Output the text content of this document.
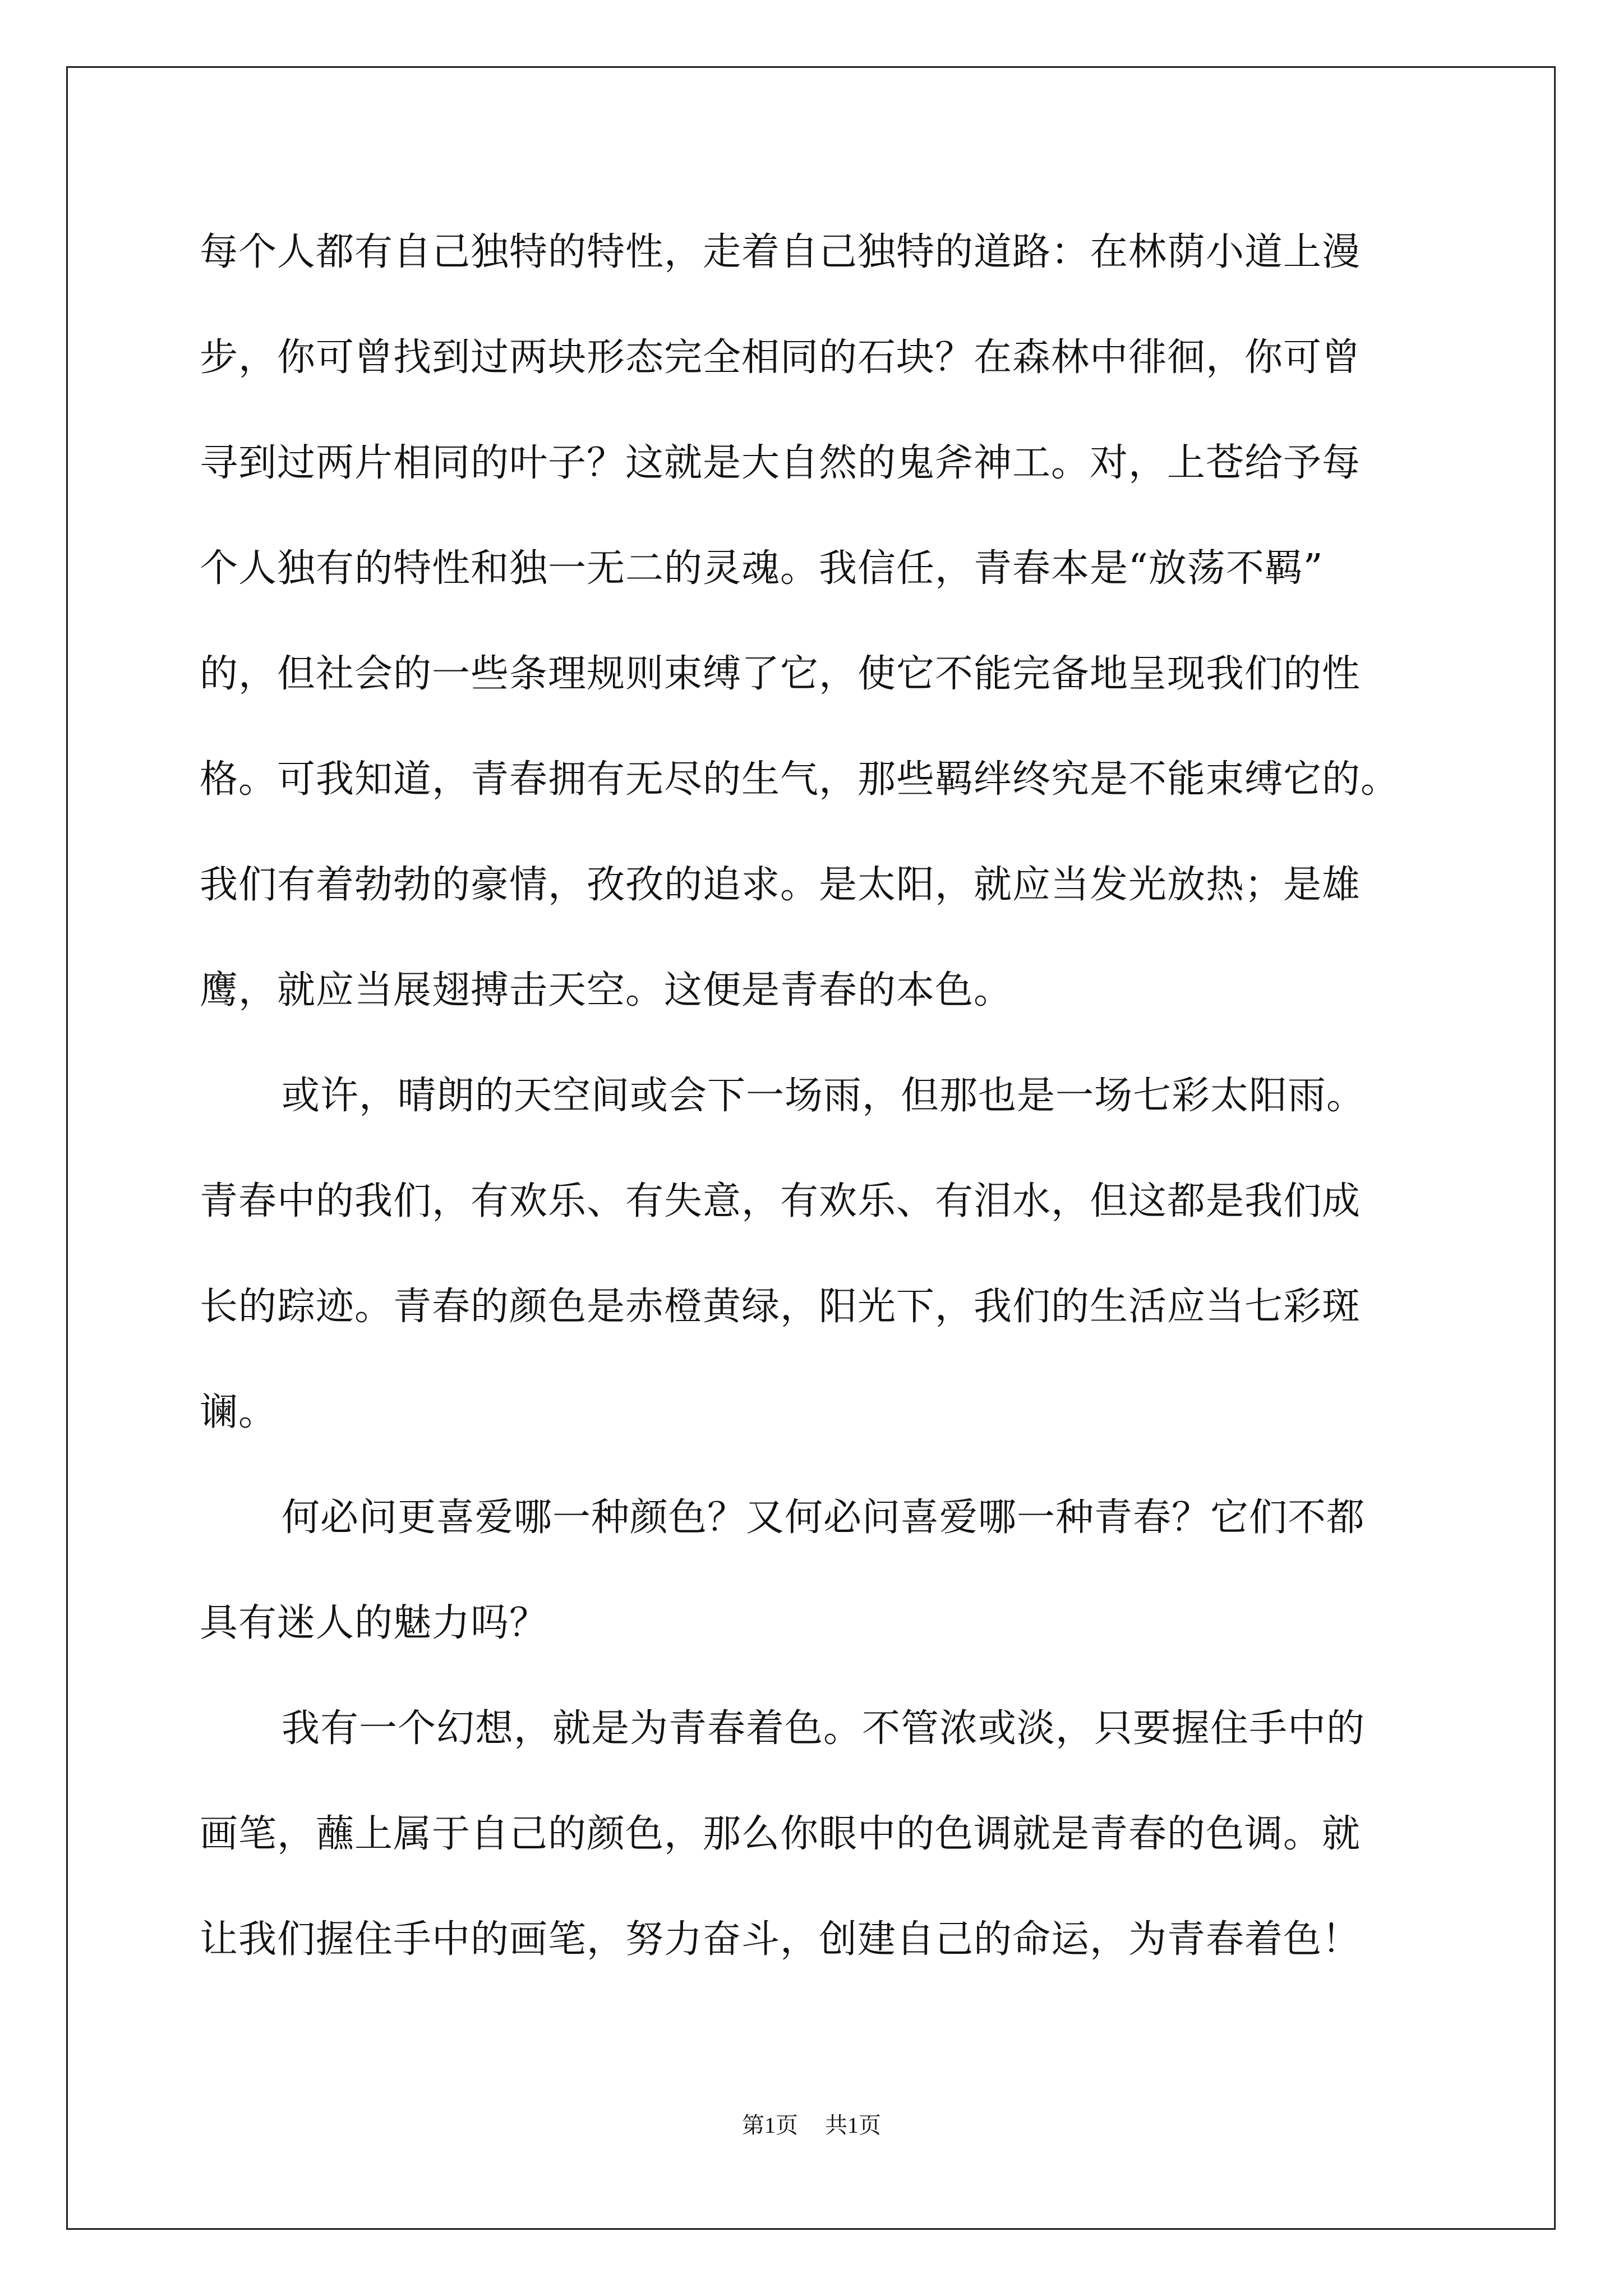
每个人都有自己独特的特性，走着自己独特的道路：在林荫小道上漫

步，你可曾找到过两块形态完全相同的石块？在森林中徘徊，你可曾

寻到过两片相同的叶子？这就是大自然的鬼斧神工。对，上苍给予每

个人独有的特性和独一无二的灵魂。我信任，青春本是“放荡不羁”

的，但社会的一些条理规则束缚了它，使它不能完备地呈现我们的性

格。可我知道，青春拥有无尽的生气，那些羁绊终究是不能束缚它的。

我们有着勃勃的豪情，孜孜的追求。是太阳，就应当发光放热；是雄

鹰，就应当展翅搏击天空。这便是青春的本色。

或许，晴朗的天空间或会下一场雨，但那也是一场七彩太阳雨。

青春中的我们，有欢乐、有失意，有欢乐、有泪水，但这都是我们成

长的踪迹。青春的颜色是赤橙黄绿，阳光下，我们的生活应当七彩斑

谰。

何必问更喜爱哪一种颜色？又何必问喜爱哪一种青春？它们不都

具有迷人的魅力吗？

我有一个幻想，就是为青春着色。不管浓或淡，只要握住手中的

画笔，蘸上属于自己的颜色，那么你眼中的色调就是青春的色调。就

让我们握住手中的画笔，努力奋斗，创建自己的命运，为青春着色！

第1页 共1页
